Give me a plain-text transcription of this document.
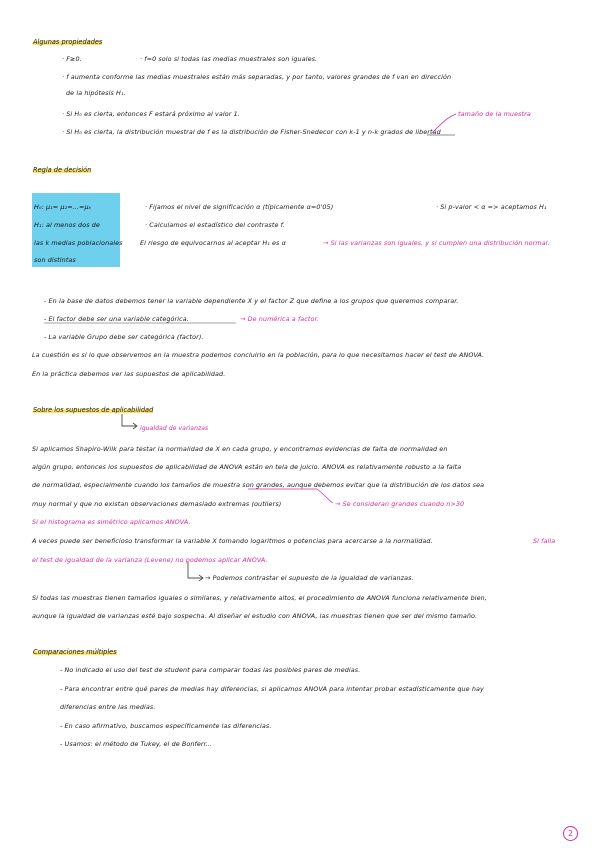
Algunas propiedades
· F≥0.	· f=0 solo si todas las medias muestrales son iguales.
· f aumenta conforme las medias muestrales están más separadas, y por tanto, valores grandes de f van en dirección
de la hipótesis H₁.
· Si H₀ es cierta, entonces F estará próximo al valor 1.	tamaño de la muestra
· Si H₀ es cierta, la distribución muestral de f es la distribución de Fisher-Snedecor con k-1 y n-k grados de libertad
Regla de decisión
H₀: μ₁= μ₂=...=μₖ
H₁: al menos dos de
las k medias poblacionales
son distintas
· Fijamos el nivel de significación α (típicamente α=0'05)	· Si p-valor < α => aceptamos H₁
· Calculamos el estadístico del contraste f.
El riesgo de equivocarnos al aceptar H₁ es α	→ Si las varianzas son iguales, y si cumplen una distribución normal.
- En la base de datos debemos tener la variable dependiente X y el factor Z que define a los grupos que queremos comparar.
- El factor debe ser una variable categórica.	→ De numérica a factor.
- La variable Grupo debe ser categórica (factor).
La cuestión es si lo que observemos en la muestra podemos concluirlo en la población, para lo que necesitamos hacer el test de ANOVA.
En la práctica debemos ver las supuestos de aplicabilidad.
Sobre los supuestos de aplicabilidad
Igualdad de varianzas
Si aplicamos Shapiro-Wilk para testar la normalidad de X en cada grupo, y encontramos evidencias de falta de normalidad en
algún grupo, entonces los supuestos de aplicabilidad de ANOVA están en tela de juicio. ANOVA es relativamente robusto a la falta
de normalidad, especialmente cuando los tamaños de muestra son grandes, aunque debemos evitar que la distribución de los datos sea
muy normal y que no existan observaciones demasiado extremas (outliers)	→ Se consideran grandes cuando n>30
Si el histograma es simétrico aplicamos ANOVA.
A veces puede ser beneficioso transformar la variable X tomando logaritmos o potencias para acercarse a la normalidad.	Si falla
el test de igualdad de la varianza (Levene) no podemos aplicar ANOVA.
→ Podemos contrastar el supuesto de la igualdad de varianzas.
Si todas las muestras tienen tamaños iguales o similares, y relativamente altos, el procedimiento de ANOVA funciona relativamente bien,
aunque la igualdad de varianzas esté bajo sospecha. Al diseñar el estudio con ANOVA, las muestras tienen que ser del mismo tamaño.
Comparaciones múltiples
- No indicado el uso del test de student para comparar todas las posibles pares de medias.
- Para encontrar entre qué pares de medias hay diferencias, si aplicamos ANOVA para intentar probar estadísticamente que hay
diferencias entre las medias.
- En caso afirmativo, buscamos específicamente las diferencias.
- Usamos: el método de Tukey, el de Bonferr...
2
